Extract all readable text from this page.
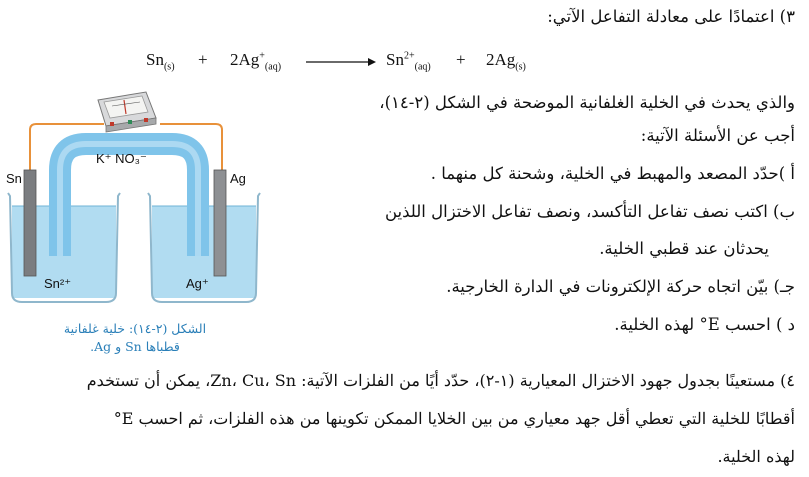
٣) اعتمادًا على معادلة التفاعل الآتي:
$Sn_{(s)} + 2Ag^+_{(aq)}$	$Sn^{2+}_{(aq)} + 2Ag_{(s)}$
والذي يحدث في الخلية الغلفانية الموضحة في الشكل (٢-١٤)،
أجب عن الأسئلة الآتية:
أ )حدّد المصعد والمهبط في الخلية، وشحنة كل منهما .
ب) اكتب نصف تفاعل التأكسد، ونصف تفاعل الاختزال اللذين
يحدثان عند قطبي الخلية.
جـ) بيّن اتجاه حركة الإلكترونات في الدارة الخارجية.
د ) احسب E° لهذه الخلية.
Sn	Ag
K⁺ NO₃⁻
Sn²⁺	Ag⁺
الشكل (٢-١٤): خلية غلفانية
قطباها Sn و Ag.
٤) مستعينًا بجدول جهود الاختزال المعيارية (١-٢)، حدّد أيًا من الفلزات الآتية: Zn، Cu، Sn، يمكن أن تستخدم
أقطابًا للخلية التي تعطي أقل جهد معياري من بين الخلايا الممكن تكوينها من هذه الفلزات، ثم احسب E°
لهذه الخلية.
